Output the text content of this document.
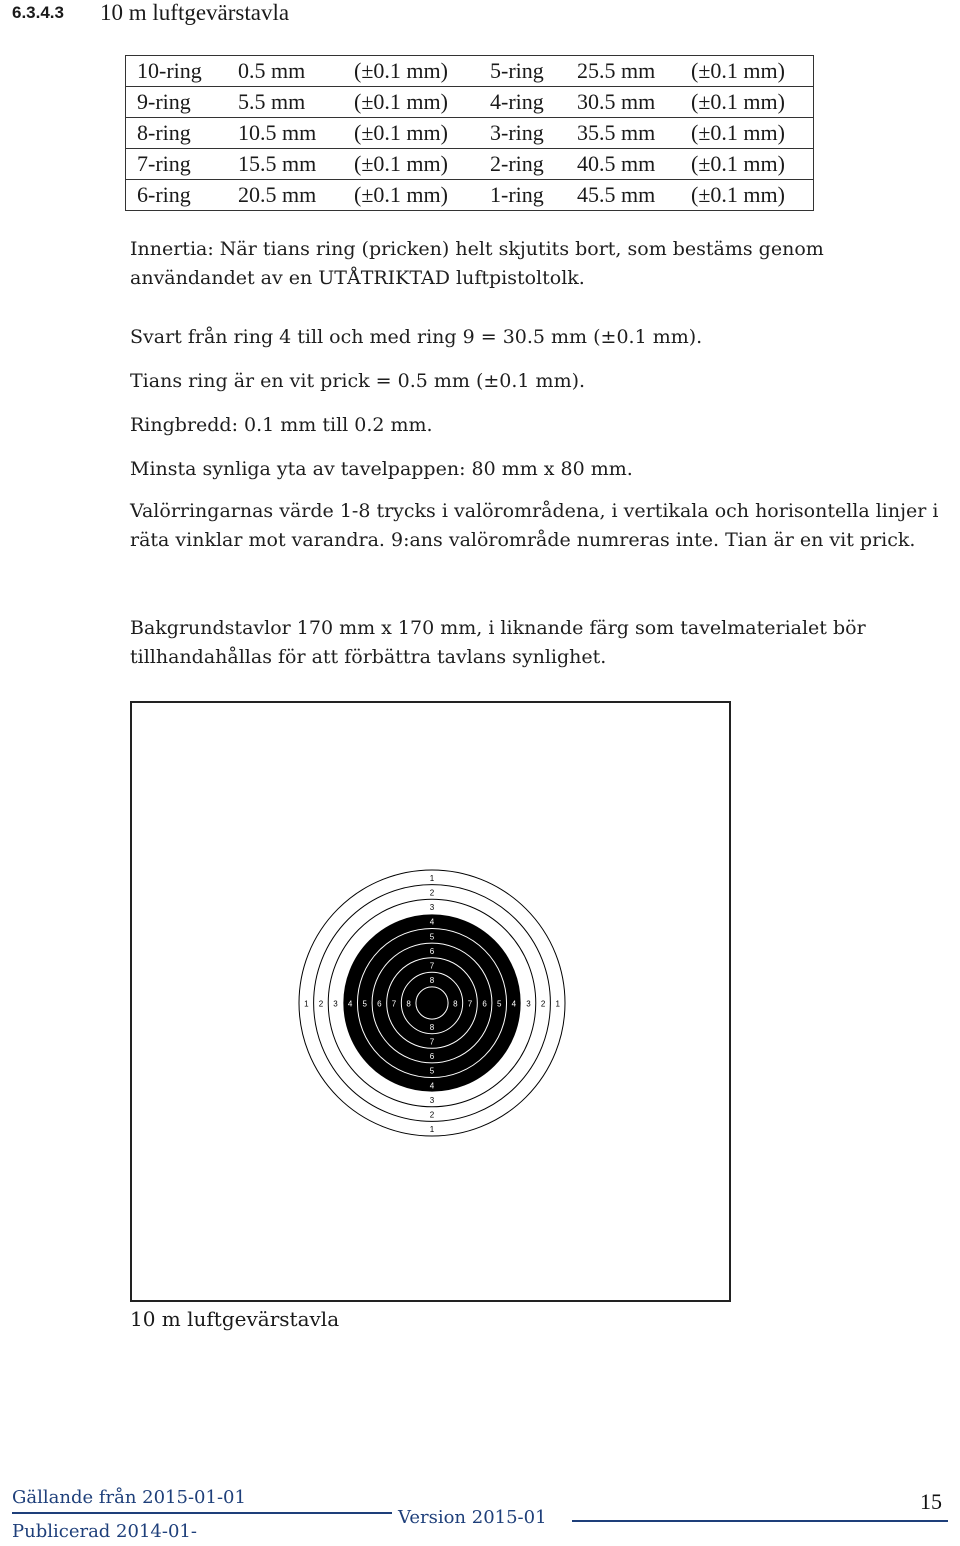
6.3.4.3 10 m luftgevärstavla
10-ring	0.5 mm	(±0.1 mm)	5-ring	25.5 mm	(±0.1 mm)
9-ring	5.5 mm	(±0.1 mm)	4-ring	30.5 mm	(±0.1 mm)
8-ring	10.5 mm	(±0.1 mm)	3-ring	35.5 mm	(±0.1 mm)
7-ring	15.5 mm	(±0.1 mm)	2-ring	40.5 mm	(±0.1 mm)
6-ring	20.5 mm	(±0.1 mm)	1-ring	45.5 mm	(±0.1 mm)
Innertia: När tians ring (pricken) helt skjutits bort, som bestäms genom användandet av en UTÅTRIKTAD luftpistoltolk.
Svart från ring 4 till och med ring 9 = 30.5 mm (±0.1 mm).
Tians ring är en vit prick = 0.5 mm (±0.1 mm).
Ringbredd: 0.1 mm till 0.2 mm.
Minsta synliga yta av tavelpappen: 80 mm x 80 mm.
Valörringarnas värde 1-8 trycks i valörområdena, i vertikala och horisontella linjer i räta vinklar mot varandra. 9:ans valörområde numreras inte. Tian är en vit prick.
Bakgrundstavlor 170 mm x 170 mm, i liknande färg som tavelmaterialet bör tillhandahållas för att förbättra tavlans synlighet.
1
1
1	1
2
2
2	2
3
3
3	3
4
4
4	4
5
5
5	5
6
6
6	6
7
7
7	7
8
8
8	8
10 m luftgevärstavla
Gällande från 2015-01-01
Publicerad 2014-01-
Version 2015-01
15
